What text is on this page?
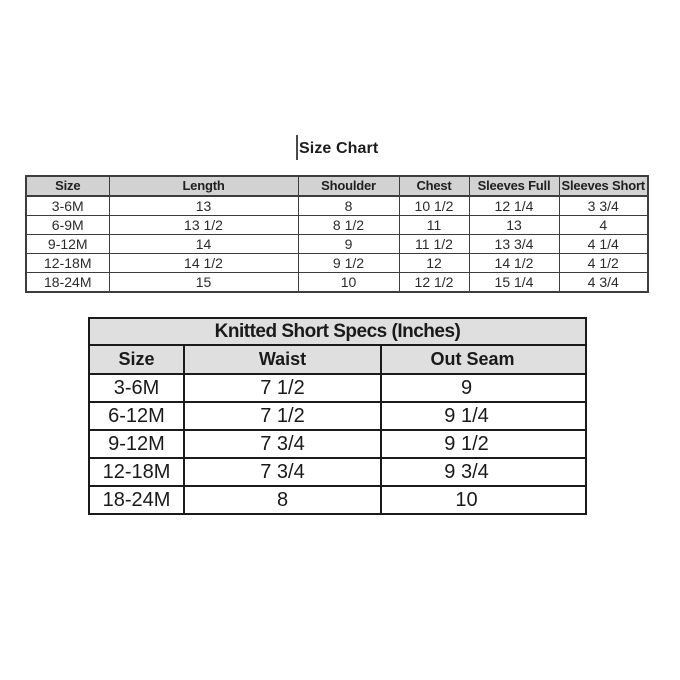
Size Chart
Size	Length	Shoulder	Chest	Sleeves Full	Sleeves Short
3-6M	13	8	10 1/2	12 1/4	3 3/4
6-9M	13 1/2	8 1/2	11	13	4
9-12M	14	9	11 1/2	13 3/4	4 1/4
12-18M	14 1/2	9 1/2	12	14 1/2	4 1/2
18-24M	15	10	12 1/2	15 1/4	4 3/4
Knitted Short Specs (Inches)		
Size	Waist	Out Seam
3-6M	7 1/2	9
6-12M	7 1/2	9 1/4
9-12M	7 3/4	9 1/2
12-18M	7 3/4	9 3/4
18-24M	8	10
